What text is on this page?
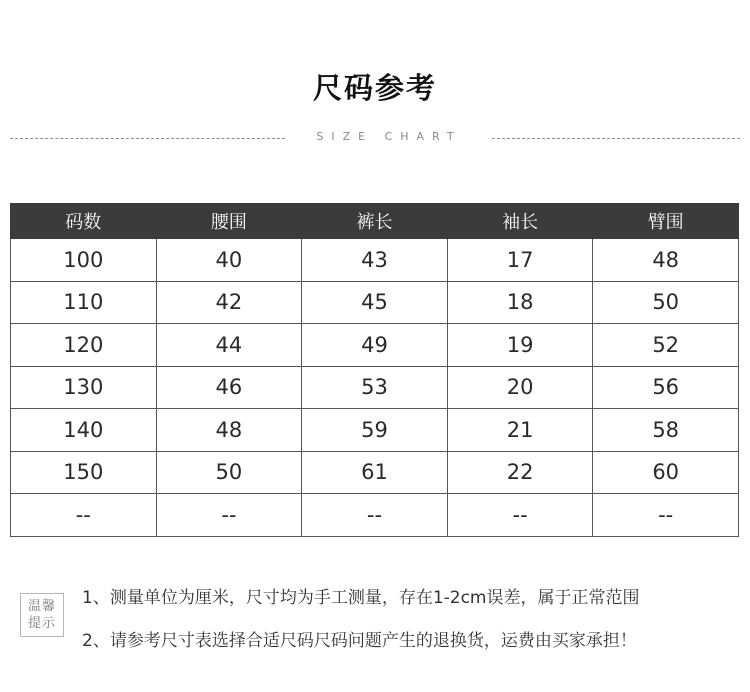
尺码参考
SIZE CHART
码数	腰围	裤长	袖长	臂围
100	40	43	17	48
110	42	45	18	50
120	44	49	19	52
130	46	53	20	56
140	48	59	21	58
150	50	61	22	60
--	--	--	--	--
温馨
提示
1、测量单位为厘米，尺寸均为手工测量，存在1-2cm误差，属于正常范围
2、请参考尺寸表选择合适尺码尺码问题产生的退换货，运费由买家承担！
